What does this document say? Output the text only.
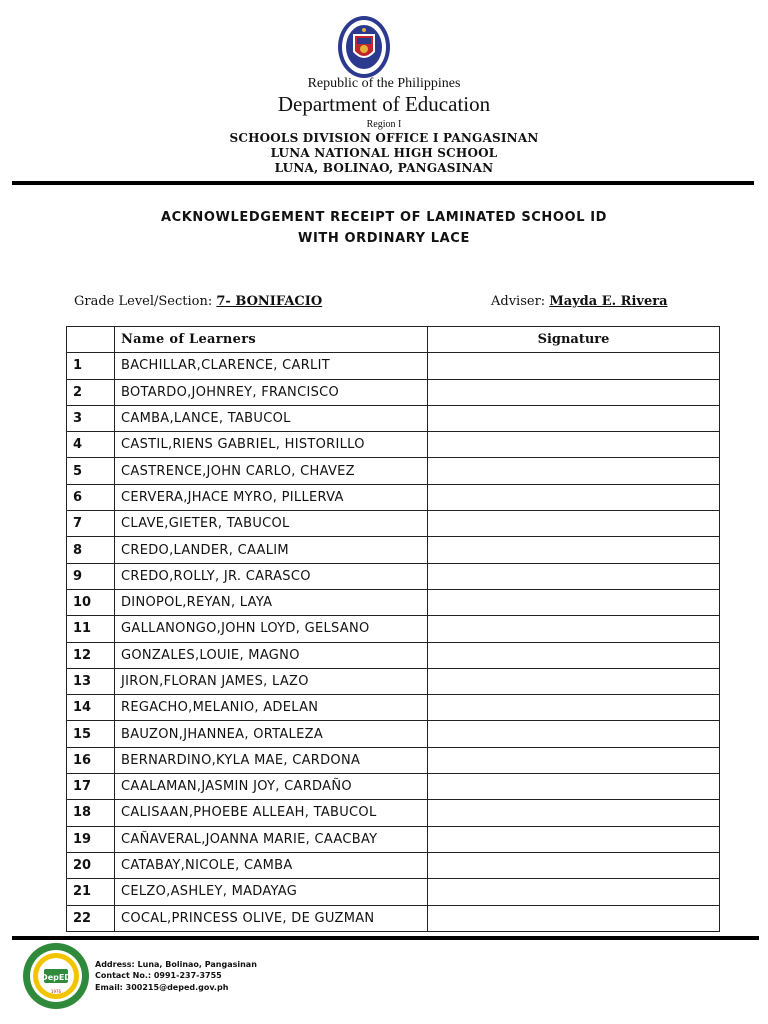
Republic of the Philippines
Department of Education
Region I
SCHOOLS DIVISION OFFICE I PANGASINAN
LUNA NATIONAL HIGH SCHOOL
LUNA, BOLINAO, PANGASINAN
ACKNOWLEDGEMENT RECEIPT OF LAMINATED SCHOOL ID
WITH ORDINARY LACE
Grade Level/Section: 7- BONIFACIO	Adviser: Mayda E. Rivera
	Name of Learners	Signature
1	BACHILLAR,CLARENCE, CARLIT	
2	BOTARDO,JOHNREY, FRANCISCO	
3	CAMBA,LANCE, TABUCOL	
4	CASTIL,RIENS GABRIEL, HISTORILLO	
5	CASTRENCE,JOHN CARLO, CHAVEZ	
6	CERVERA,JHACE MYRO, PILLERVA	
7	CLAVE,GIETER, TABUCOL	
8	CREDO,LANDER, CAALIM	
9	CREDO,ROLLY, JR. CARASCO	
10	DINOPOL,REYAN, LAYA	
11	GALLANONGO,JOHN LOYD, GELSANO	
12	GONZALES,LOUIE, MAGNO	
13	JIRON,FLORAN JAMES, LAZO	
14	REGACHO,MELANIO, ADELAN	
15	BAUZON,JHANNEA, ORTALEZA	
16	BERNARDINO,KYLA MAE, CARDONA	
17	CAALAMAN,JASMIN JOY, CARDAÑO	
18	CALISAAN,PHOEBE ALLEAH, TABUCOL	
19	CAÑAVERAL,JOANNA MARIE, CAACBAY	
20	CATABAY,NICOLE, CAMBA	
21	CELZO,ASHLEY, MADAYAG	
22	COCAL,PRINCESS OLIVE, DE GUZMAN	
DepED
1976
Address: Luna, Bolinao, Pangasinan
Contact No.: 0991-237-3755
Email: 300215@deped.gov.ph
